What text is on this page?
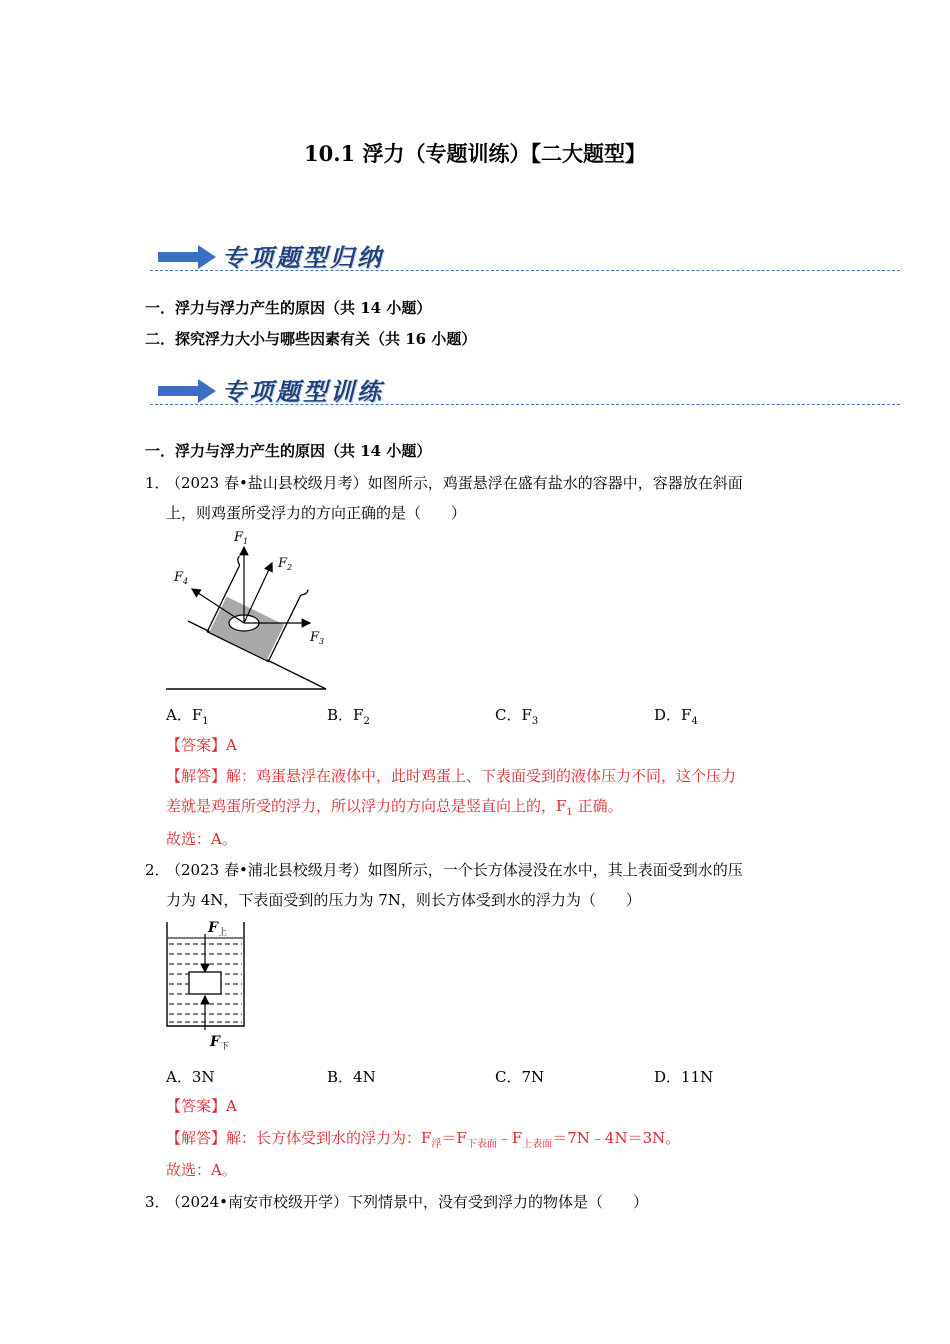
10.1 浮力（专题训练）【二大题型】
专项题型归纳
一．浮力与浮力产生的原因（共 14 小题）
二．探究浮力大小与哪些因素有关（共 16 小题）
专项题型训练
一．浮力与浮力产生的原因（共 14 小题）
1．
（2023 春•盐山县校级月考）如图所示，鸡蛋悬浮在盛有盐水的容器中，容器放在斜面
上，则鸡蛋所受浮力的方向正确的是（　　）
$F_1$
$F_2$
$F_3$
$F_4$
A．$F_1$	B．$F_2$	C．$F_3$	D．$F_4$
【答案】A
【解答】解：鸡蛋悬浮在液体中，此时鸡蛋上、下表面受到的液体压力不同，这个压力
差就是鸡蛋所受的浮力，所以浮力的方向总是竖直向上的，$F_1$ 正确。
故选：A。
2．
（2023 春•浦北县校级月考）如图所示，一个长方体浸没在水中，其上表面受到水的压
力为 4N，下表面受到的压力为 7N，则长方体受到水的浮力为（　　）
$F_上$
$F_下$
A．3N	B．4N	C．7N	D．11N
【答案】A
【解答】解：长方体受到水的浮力为：$F_浮=F_{下表面}﹣F_{上表面}=7N﹣4N=3N$。
故选：A。
3．
（2024•南安市校级开学）下列情景中，没有受到浮力的物体是（　　）
